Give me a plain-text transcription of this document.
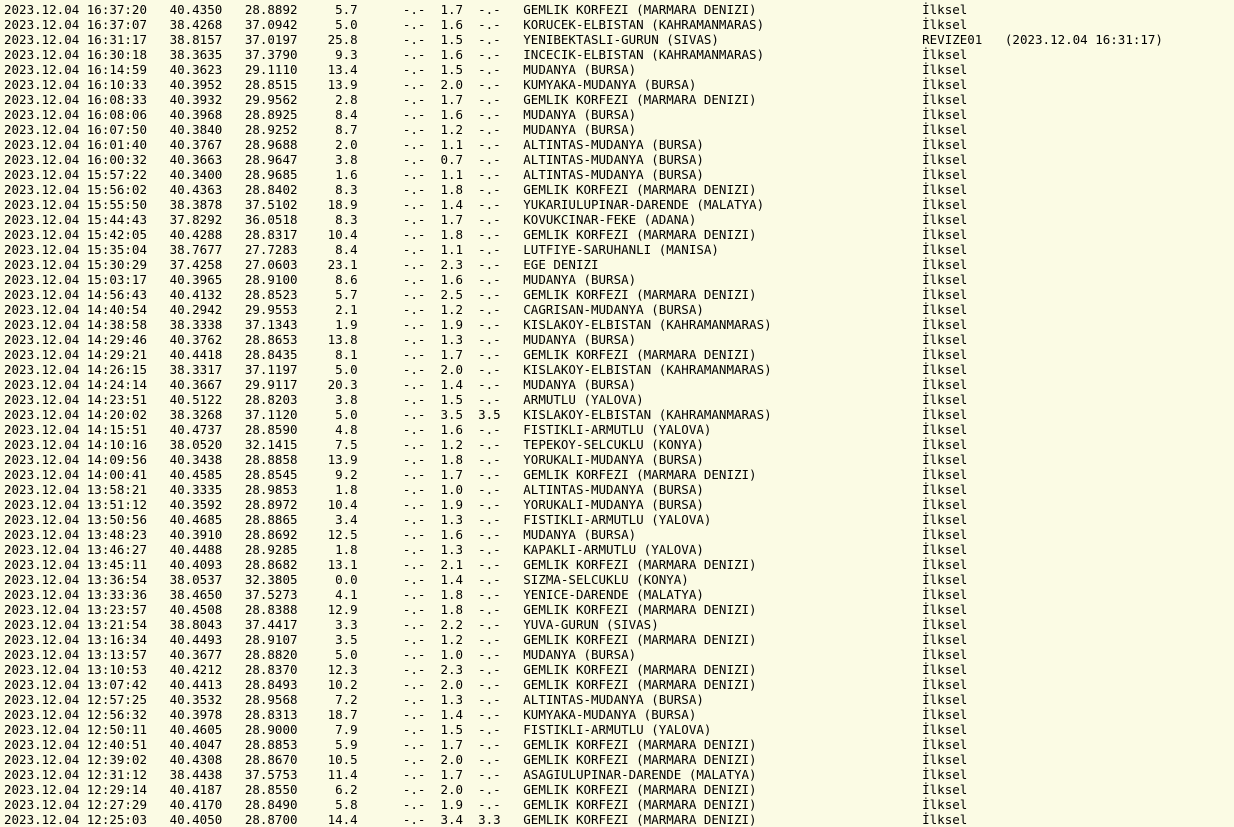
2023.12.04 16:37:20   40.4350   28.8892     5.7      -.-  1.7  -.-   GEMLIK KORFEZI (MARMARA DENIZI)                      İlksel
2023.12.04 16:37:07   38.4268   37.0942     5.0      -.-  1.6  -.-   KORUCEK-ELBISTAN (KAHRAMANMARAS)                     İlksel
2023.12.04 16:31:17   38.8157   37.0197    25.8      -.-  1.5  -.-   YENIBEKTASLI-GURUN (SIVAS)                           REVIZE01   (2023.12.04 16:31:17)
2023.12.04 16:30:18   38.3635   37.3790     9.3      -.-  1.6  -.-   INCECIK-ELBISTAN (KAHRAMANMARAS)                     İlksel
2023.12.04 16:14:59   40.3623   29.1110    13.4      -.-  1.5  -.-   MUDANYA (BURSA)                                      İlksel
2023.12.04 16:10:33   40.3952   28.8515    13.9      -.-  2.0  -.-   KUMYAKA-MUDANYA (BURSA)                              İlksel
2023.12.04 16:08:33   40.3932   29.9562     2.8      -.-  1.7  -.-   GEMLIK KORFEZI (MARMARA DENIZI)                      İlksel
2023.12.04 16:08:06   40.3968   28.8925     8.4      -.-  1.6  -.-   MUDANYA (BURSA)                                      İlksel
2023.12.04 16:07:50   40.3840   28.9252     8.7      -.-  1.2  -.-   MUDANYA (BURSA)                                      İlksel
2023.12.04 16:01:40   40.3767   28.9688     2.0      -.-  1.1  -.-   ALTINTAS-MUDANYA (BURSA)                             İlksel
2023.12.04 16:00:32   40.3663   28.9647     3.8      -.-  0.7  -.-   ALTINTAS-MUDANYA (BURSA)                             İlksel
2023.12.04 15:57:22   40.3400   28.9685     1.6      -.-  1.1  -.-   ALTINTAS-MUDANYA (BURSA)                             İlksel
2023.12.04 15:56:02   40.4363   28.8402     8.3      -.-  1.8  -.-   GEMLIK KORFEZI (MARMARA DENIZI)                      İlksel
2023.12.04 15:55:50   38.3878   37.5102    18.9      -.-  1.4  -.-   YUKARIULUPINAR-DARENDE (MALATYA)                     İlksel
2023.12.04 15:44:43   37.8292   36.0518     8.3      -.-  1.7  -.-   KOVUKCINAR-FEKE (ADANA)                              İlksel
2023.12.04 15:42:05   40.4288   28.8317    10.4      -.-  1.8  -.-   GEMLIK KORFEZI (MARMARA DENIZI)                      İlksel
2023.12.04 15:35:04   38.7677   27.7283     8.4      -.-  1.1  -.-   LUTFIYE-SARUHANLI (MANISA)                           İlksel
2023.12.04 15:30:29   37.4258   27.0603    23.1      -.-  2.3  -.-   EGE DENIZI                                           İlksel
2023.12.04 15:03:17   40.3965   28.9100     8.6      -.-  1.6  -.-   MUDANYA (BURSA)                                      İlksel
2023.12.04 14:56:43   40.4132   28.8523     5.7      -.-  2.5  -.-   GEMLIK KORFEZI (MARMARA DENIZI)                      İlksel
2023.12.04 14:40:54   40.2942   29.9553     2.1      -.-  1.2  -.-   CAGRISAN-MUDANYA (BURSA)                             İlksel
2023.12.04 14:38:58   38.3338   37.1343     1.9      -.-  1.9  -.-   KISLAKOY-ELBISTAN (KAHRAMANMARAS)                    İlksel
2023.12.04 14:29:46   40.3762   28.8653    13.8      -.-  1.3  -.-   MUDANYA (BURSA)                                      İlksel
2023.12.04 14:29:21   40.4418   28.8435     8.1      -.-  1.7  -.-   GEMLIK KORFEZI (MARMARA DENIZI)                      İlksel
2023.12.04 14:26:15   38.3317   37.1197     5.0      -.-  2.0  -.-   KISLAKOY-ELBISTAN (KAHRAMANMARAS)                    İlksel
2023.12.04 14:24:14   40.3667   29.9117    20.3      -.-  1.4  -.-   MUDANYA (BURSA)                                      İlksel
2023.12.04 14:23:51   40.5122   28.8203     3.8      -.-  1.5  -.-   ARMUTLU (YALOVA)                                     İlksel
2023.12.04 14:20:02   38.3268   37.1120     5.0      -.-  3.5  3.5   KISLAKOY-ELBISTAN (KAHRAMANMARAS)                    İlksel
2023.12.04 14:15:51   40.4737   28.8590     4.8      -.-  1.6  -.-   FISTIKLI-ARMUTLU (YALOVA)                            İlksel
2023.12.04 14:10:16   38.0520   32.1415     7.5      -.-  1.2  -.-   TEPEKOY-SELCUKLU (KONYA)                             İlksel
2023.12.04 14:09:56   40.3438   28.8858    13.9      -.-  1.8  -.-   YORUKALI-MUDANYA (BURSA)                             İlksel
2023.12.04 14:00:41   40.4585   28.8545     9.2      -.-  1.7  -.-   GEMLIK KORFEZI (MARMARA DENIZI)                      İlksel
2023.12.04 13:58:21   40.3335   28.9853     1.8      -.-  1.0  -.-   ALTINTAS-MUDANYA (BURSA)                             İlksel
2023.12.04 13:51:12   40.3592   28.8972    10.4      -.-  1.9  -.-   YORUKALI-MUDANYA (BURSA)                             İlksel
2023.12.04 13:50:56   40.4685   28.8865     3.4      -.-  1.3  -.-   FISTIKLI-ARMUTLU (YALOVA)                            İlksel
2023.12.04 13:48:23   40.3910   28.8692    12.5      -.-  1.6  -.-   MUDANYA (BURSA)                                      İlksel
2023.12.04 13:46:27   40.4488   28.9285     1.8      -.-  1.3  -.-   KAPAKLI-ARMUTLU (YALOVA)                             İlksel
2023.12.04 13:45:11   40.4093   28.8682    13.1      -.-  2.1  -.-   GEMLIK KORFEZI (MARMARA DENIZI)                      İlksel
2023.12.04 13:36:54   38.0537   32.3805     0.0      -.-  1.4  -.-   SIZMA-SELCUKLU (KONYA)                               İlksel
2023.12.04 13:33:36   38.4650   37.5273     4.1      -.-  1.8  -.-   YENICE-DARENDE (MALATYA)                             İlksel
2023.12.04 13:23:57   40.4508   28.8388    12.9      -.-  1.8  -.-   GEMLIK KORFEZI (MARMARA DENIZI)                      İlksel
2023.12.04 13:21:54   38.8043   37.4417     3.3      -.-  2.2  -.-   YUVA-GURUN (SIVAS)                                   İlksel
2023.12.04 13:16:34   40.4493   28.9107     3.5      -.-  1.2  -.-   GEMLIK KORFEZI (MARMARA DENIZI)                      İlksel
2023.12.04 13:13:57   40.3677   28.8820     5.0      -.-  1.0  -.-   MUDANYA (BURSA)                                      İlksel
2023.12.04 13:10:53   40.4212   28.8370    12.3      -.-  2.3  -.-   GEMLIK KORFEZI (MARMARA DENIZI)                      İlksel
2023.12.04 13:07:42   40.4413   28.8493    10.2      -.-  2.0  -.-   GEMLIK KORFEZI (MARMARA DENIZI)                      İlksel
2023.12.04 12:57:25   40.3532   28.9568     7.2      -.-  1.3  -.-   ALTINTAS-MUDANYA (BURSA)                             İlksel
2023.12.04 12:56:32   40.3978   28.8313    18.7      -.-  1.4  -.-   KUMYAKA-MUDANYA (BURSA)                              İlksel
2023.12.04 12:50:11   40.4605   28.9000     7.9      -.-  1.5  -.-   FISTIKLI-ARMUTLU (YALOVA)                            İlksel
2023.12.04 12:40:51   40.4047   28.8853     5.9      -.-  1.7  -.-   GEMLIK KORFEZI (MARMARA DENIZI)                      İlksel
2023.12.04 12:39:02   40.4308   28.8670    10.5      -.-  2.0  -.-   GEMLIK KORFEZI (MARMARA DENIZI)                      İlksel
2023.12.04 12:31:12   38.4438   37.5753    11.4      -.-  1.7  -.-   ASAGIULUPINAR-DARENDE (MALATYA)                      İlksel
2023.12.04 12:29:14   40.4187   28.8550     6.2      -.-  2.0  -.-   GEMLIK KORFEZI (MARMARA DENIZI)                      İlksel
2023.12.04 12:27:29   40.4170   28.8490     5.8      -.-  1.9  -.-   GEMLIK KORFEZI (MARMARA DENIZI)                      İlksel
2023.12.04 12:25:03   40.4050   28.8700    14.4      -.-  3.4  3.3   GEMLIK KORFEZI (MARMARA DENIZI)                      İlksel
